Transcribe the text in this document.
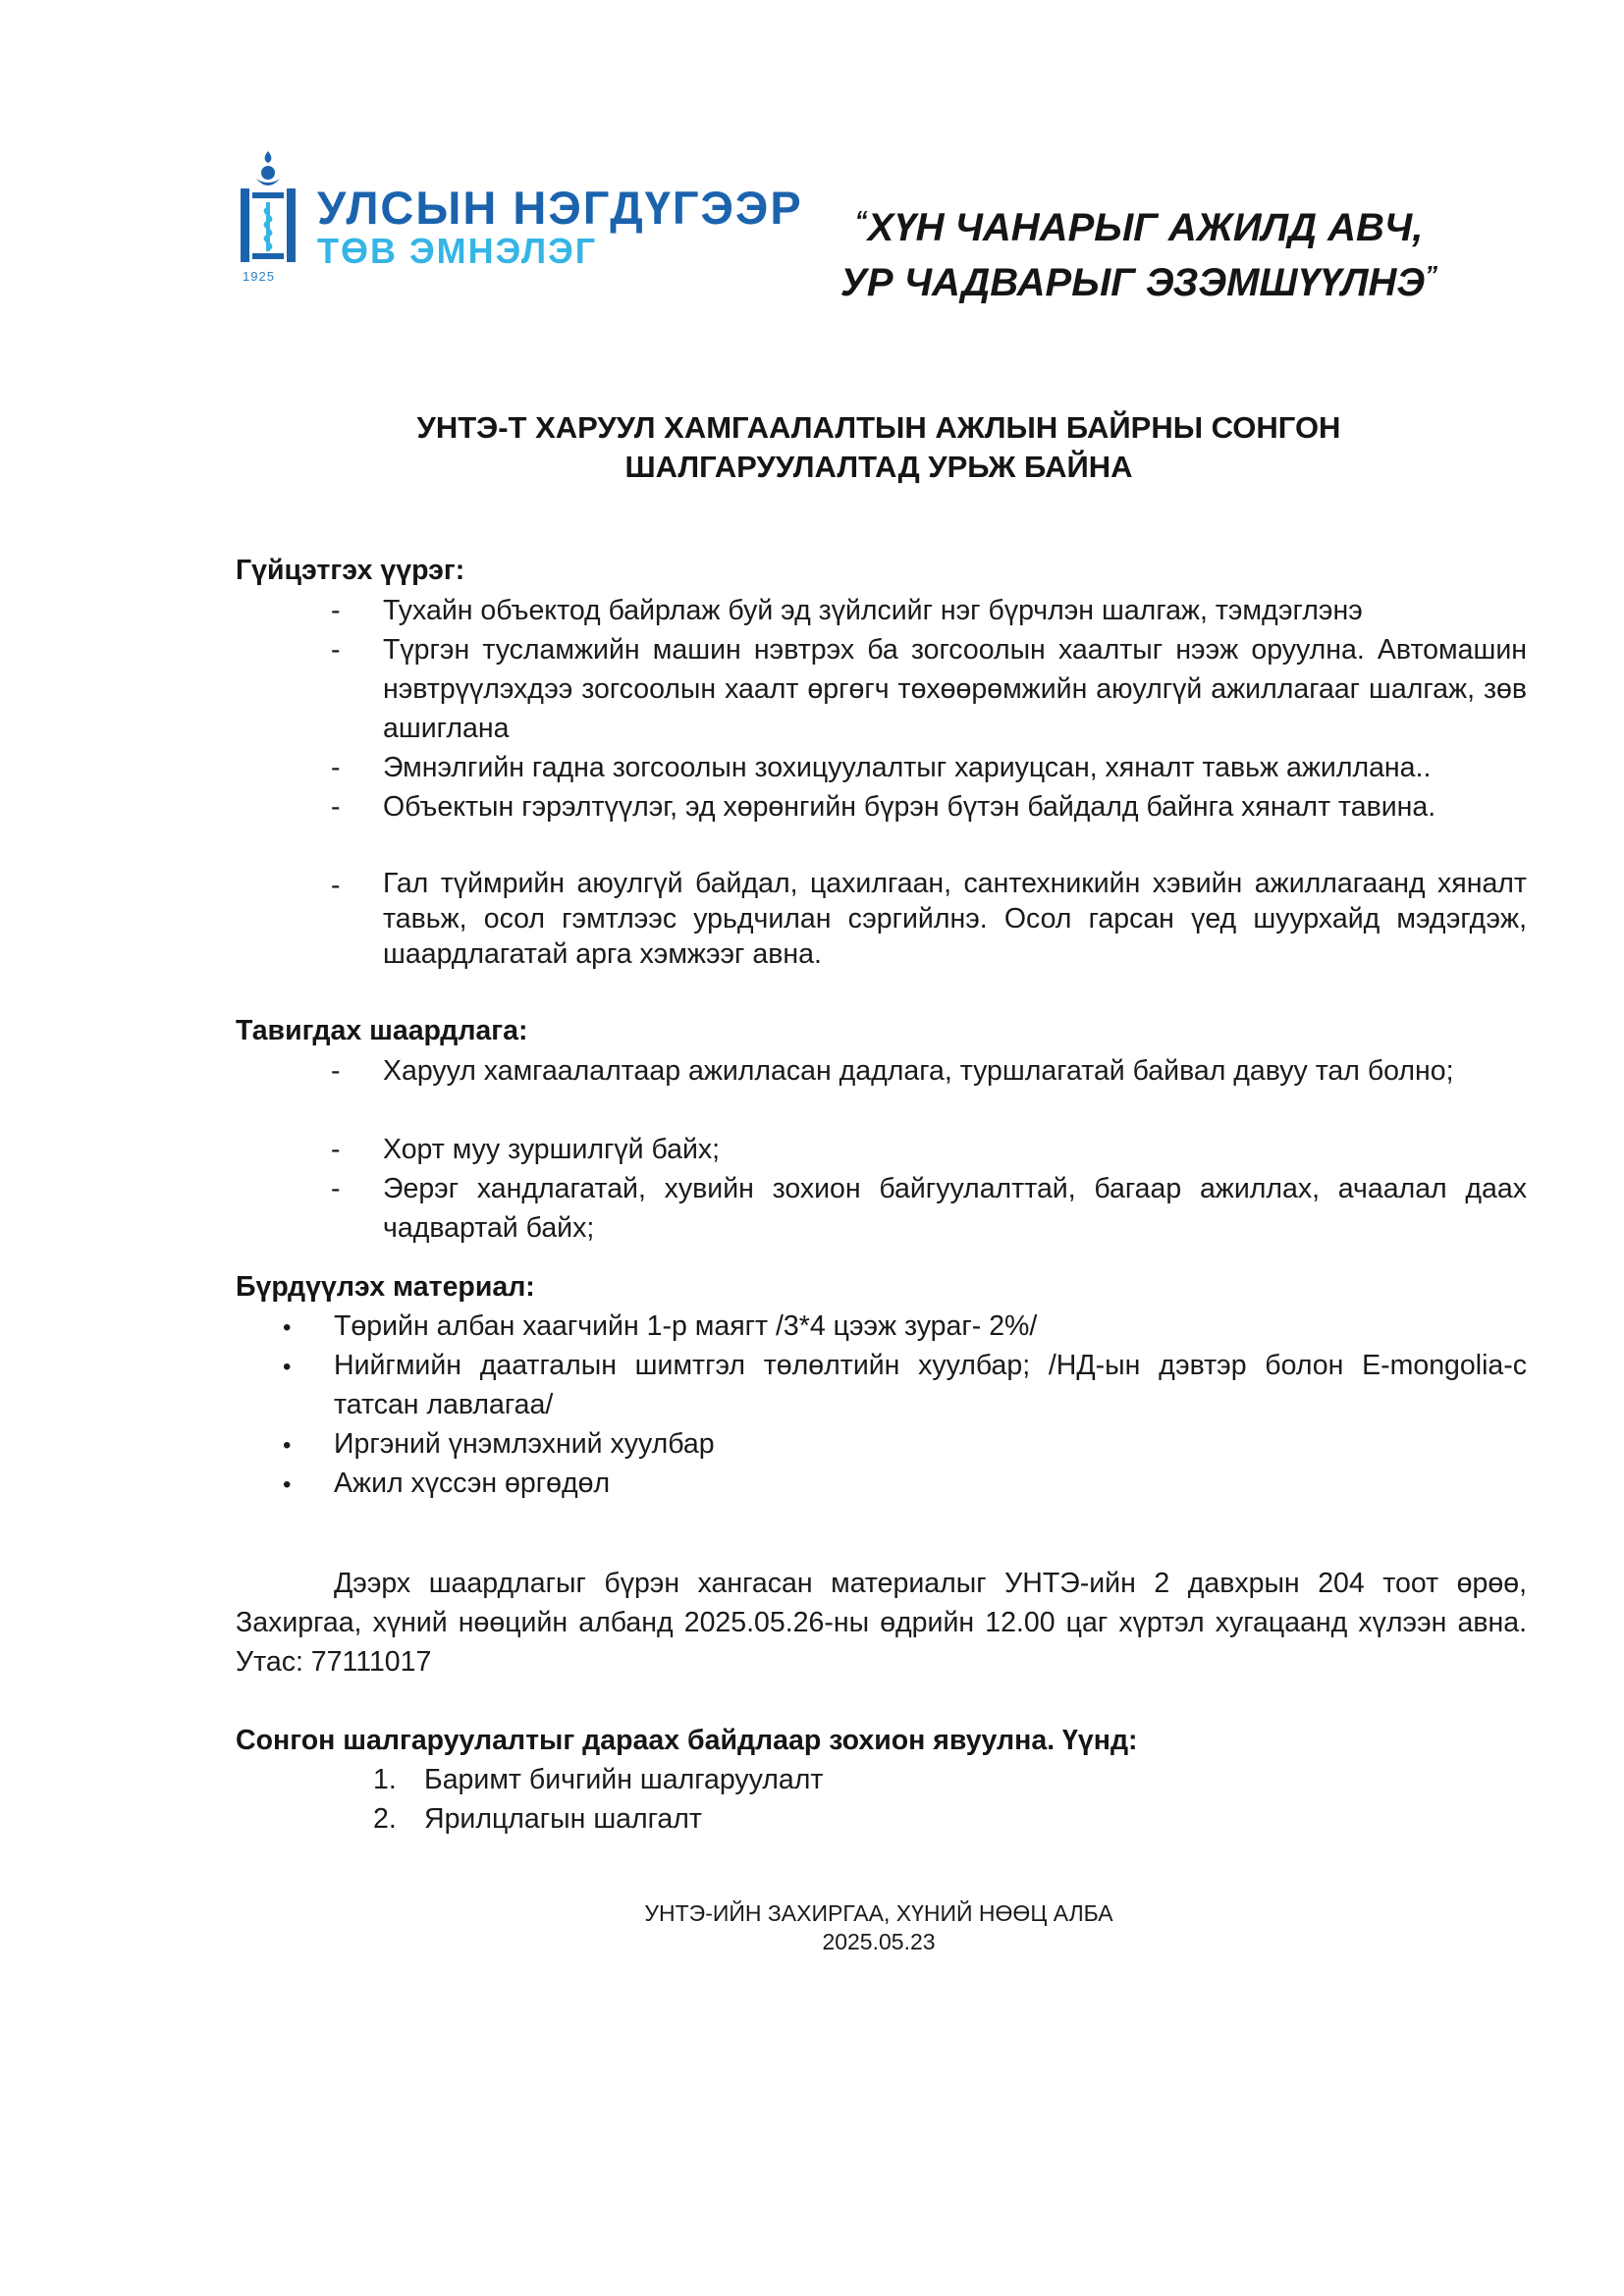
1925
УЛСЫН НЭГДҮГЭЭР
ТӨВ ЭМНЭЛЭГ
“ХҮН ЧАНАРЫГ АЖИЛД АВЧ,
УР ЧАДВАРЫГ ЭЗЭМШҮҮЛНЭ”
УНТЭ-Т ХАРУУЛ ХАМГААЛАЛТЫН АЖЛЫН БАЙРНЫ СОНГОН
ШАЛГАРУУЛАЛТАД УРЬЖ БАЙНА
Гүйцэтгэх үүрэг:
- Тухайн объектод байрлаж буй эд зүйлсийг нэг бүрчлэн шалгаж, тэмдэглэнэ
- Түргэн тусламжийн машин нэвтрэх ба зогсоолын хаалтыг нээж оруулна. Автомашин нэвтрүүлэхдээ зогсоолын хаалт өргөгч төхөөрөмжийн аюулгүй ажиллагааг шалгаж, зөв ашиглана
- Эмнэлгийн гадна зогсоолын зохицуулалтыг хариуцсан, хяналт тавьж ажиллана..
- Объектын гэрэлтүүлэг, эд хөрөнгийн бүрэн бүтэн байдалд байнга хяналт тавина.
- Гал түймрийн аюулгүй байдал, цахилгаан, сантехникийн хэвийн ажиллагаанд хяналт тавьж, осол гэмтлээс урьдчилан сэргийлнэ. Осол гарсан үед шуурхайд мэдэгдэж, шаардлагатай арга хэмжээг авна.
Тавигдах шаардлага:
- Харуул хамгаалалтаар ажилласан дадлага, туршлагатай байвал давуу тал болно;
- Хорт муу зуршилгүй байх;
- Эерэг хандлагатай, хувийн зохион байгуулалттай, багаар ажиллах, ачаалал даах чадвартай байх;
Бүрдүүлэх материал:
• Төрийн албан хаагчийн 1-р маягт /3*4 цээж зураг- 2%/
• Нийгмийн даатгалын шимтгэл төлөлтийн хуулбар; /НД-ын дэвтэр болон E-mongolia-с татсан лавлагаа/
• Иргэний үнэмлэхний хуулбар
• Ажил хүссэн өргөдөл
Дээрх шаардлагыг бүрэн хангасан материалыг УНТЭ-ийн 2 давхрын 204 тоот өрөө, Захиргаа, хүний нөөцийн албанд 2025.05.26-ны өдрийн 12.00 цаг хүртэл хугацаанд хүлээн авна. Утас: 77111017
Сонгон шалгаруулалтыг дараах байдлаар зохион явуулна. Үүнд:
1. Баримт бичгийн шалгаруулалт
2. Ярилцлагын шалгалт
УНТЭ-ИЙН ЗАХИРГАА, ХҮНИЙ НӨӨЦ АЛБА
2025.05.23
